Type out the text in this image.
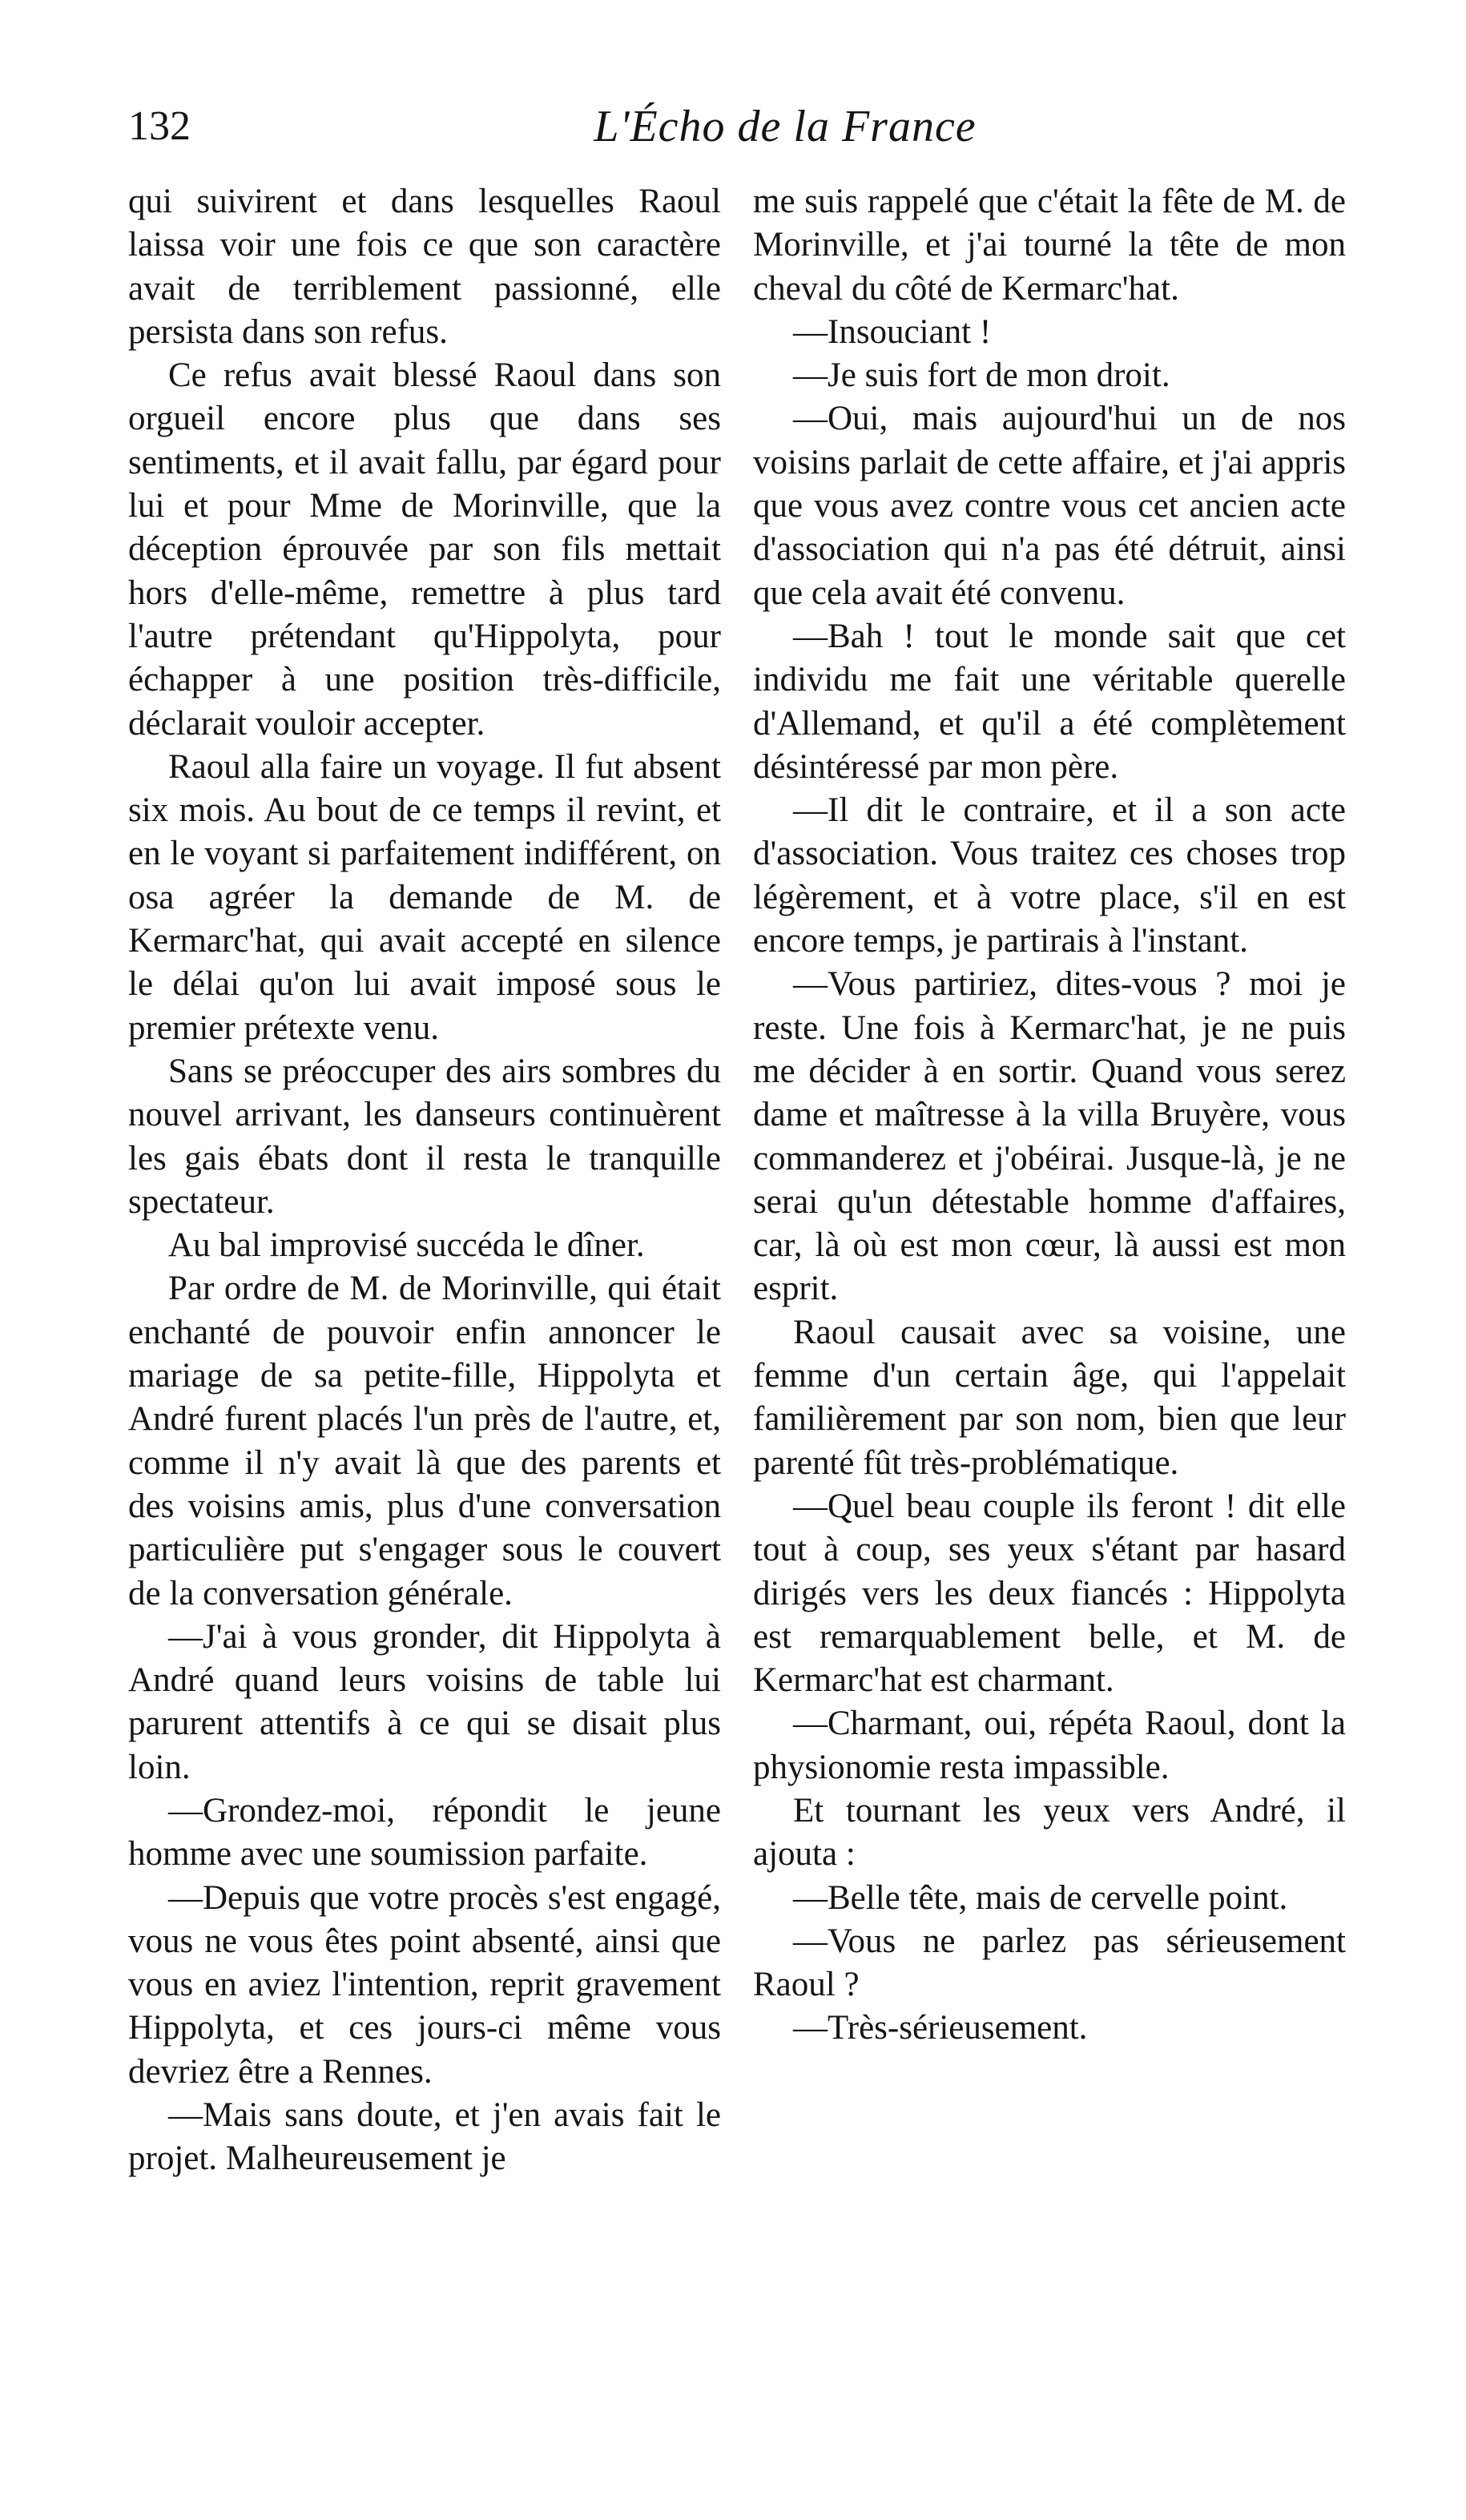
132	L'Écho de la France

qui suivirent et dans lesquelles Raoul laissa voir une fois ce que son caractère avait de terriblement passionné, elle persista dans son refus.

Ce refus avait blessé Raoul dans son orgueil encore plus que dans ses sentiments, et il avait fallu, par égard pour lui et pour Mme de Morinville, que la déception éprouvée par son fils mettait hors d'elle-même, remettre à plus tard l'autre prétendant qu'Hippolyta, pour échapper à une position très-difficile, déclarait vouloir accepter.

Raoul alla faire un voyage. Il fut absent six mois. Au bout de ce temps il revint, et en le voyant si parfaitement indifférent, on osa agréer la demande de M. de Kermarc'hat, qui avait accepté en silence le délai qu'on lui avait imposé sous le premier prétexte venu.

Sans se préoccuper des airs sombres du nouvel arrivant, les danseurs continuèrent les gais ébats dont il resta le tranquille spectateur.

Au bal improvisé succéda le dîner.

Par ordre de M. de Morinville, qui était enchanté de pouvoir enfin annoncer le mariage de sa petite-fille, Hippolyta et André furent placés l'un près de l'autre, et, comme il n'y avait là que des parents et des voisins amis, plus d'une conversation particulière put s'engager sous le couvert de la conversation générale.

—J'ai à vous gronder, dit Hippolyta à André quand leurs voisins de table lui parurent attentifs à ce qui se disait plus loin.

—Grondez-moi, répondit le jeune homme avec une soumission parfaite.

—Depuis que votre procès s'est engagé, vous ne vous êtes point absenté, ainsi que vous en aviez l'intention, reprit gravement Hippolyta, et ces jours-ci même vous devriez être a Rennes.

—Mais sans doute, et j'en avais fait le projet. Malheureusement je

me suis rappelé que c'était la fête de M. de Morinville, et j'ai tourné la tête de mon cheval du côté de Kermarc'hat.

—Insouciant !

—Je suis fort de mon droit.

—Oui, mais aujourd'hui un de nos voisins parlait de cette affaire, et j'ai appris que vous avez contre vous cet ancien acte d'association qui n'a pas été détruit, ainsi que cela avait été convenu.

—Bah ! tout le monde sait que cet individu me fait une véritable querelle d'Allemand, et qu'il a été complètement désintéressé par mon père.

—Il dit le contraire, et il a son acte d'association. Vous traitez ces choses trop légèrement, et à votre place, s'il en est encore temps, je partirais à l'instant.

—Vous partiriez, dites-vous ? moi je reste. Une fois à Kermarc'hat, je ne puis me décider à en sortir. Quand vous serez dame et maîtresse à la villa Bruyère, vous commanderez et j'obéirai. Jusque-là, je ne serai qu'un détestable homme d'affaires, car, là où est mon cœur, là aussi est mon esprit.

Raoul causait avec sa voisine, une femme d'un certain âge, qui l'appelait familièrement par son nom, bien que leur parenté fût très-problématique.

—Quel beau couple ils feront ! dit elle tout à coup, ses yeux s'étant par hasard dirigés vers les deux fiancés : Hippolyta est remarquablement belle, et M. de Kermarc'hat est charmant.

—Charmant, oui, répéta Raoul, dont la physionomie resta impassible.

Et tournant les yeux vers André, il ajouta :

—Belle tête, mais de cervelle point.

—Vous ne parlez pas sérieusement Raoul ?

—Très-sérieusement.
